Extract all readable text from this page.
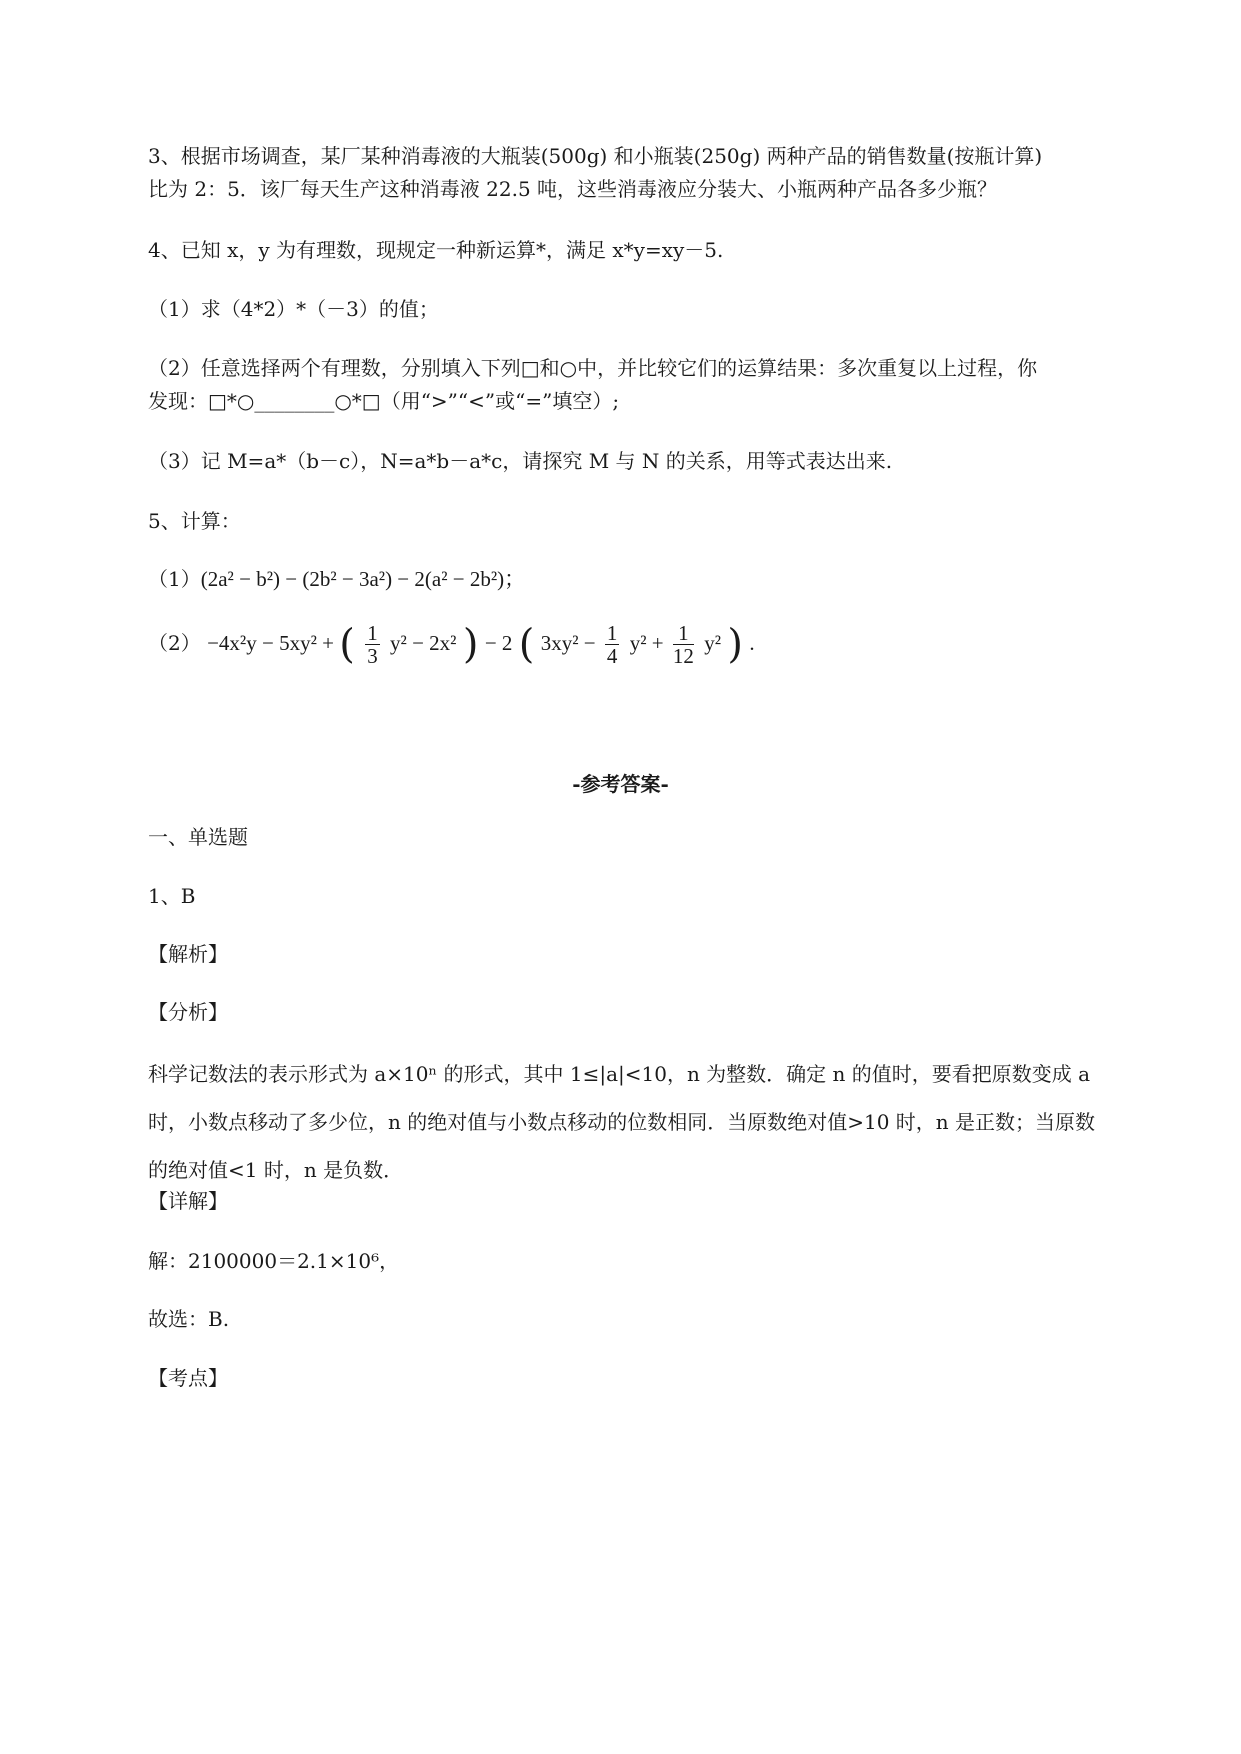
3、根据市场调查，某厂某种消毒液的大瓶装(500g) 和小瓶装(250g) 两种产品的销售数量(按瓶计算)
比为 2：5．该厂每天生产这种消毒液 22.5 吨，这些消毒液应分装大、小瓶两种产品各多少瓶？
4、已知 x，y 为有理数，现规定一种新运算*，满足 x*y=xy－5.
（1）求（4*2）*（－3）的值；
（2）任意选择两个有理数，分别填入下列□和○中，并比较它们的运算结果：多次重复以上过程，你
发现：□*○________○*□（用“>”“<”或“=”填空）;
（3）记 M=a*（b－c），N=a*b－a*c，请探究 M 与 N 的关系，用等式表达出来.
5、计算：
（1）(2a² − b²) − (2b² − 3a²) − 2(a² − 2b²)；
（2） −4x²y − 5xy² + ( $\frac{1}{3} y^2 - 2x^2$ ) − 2 ( $3xy^2 - \frac{1}{4} y^2 + \frac{1}{12} y^2$ ) .
-参考答案-
一、单选题
1、B
【解析】
【分析】
科学记数法的表示形式为 a×10ⁿ 的形式，其中 1≤|a|<10，n 为整数．确定 n 的值时，要看把原数变成 a 时，小数点移动了多少位，n 的绝对值与小数点移动的位数相同．当原数绝对值>10 时，n 是正数；当原数的绝对值<1 时，n 是负数．
【详解】
解：2100000＝2.1×10⁶，
故选：B.
【考点】
